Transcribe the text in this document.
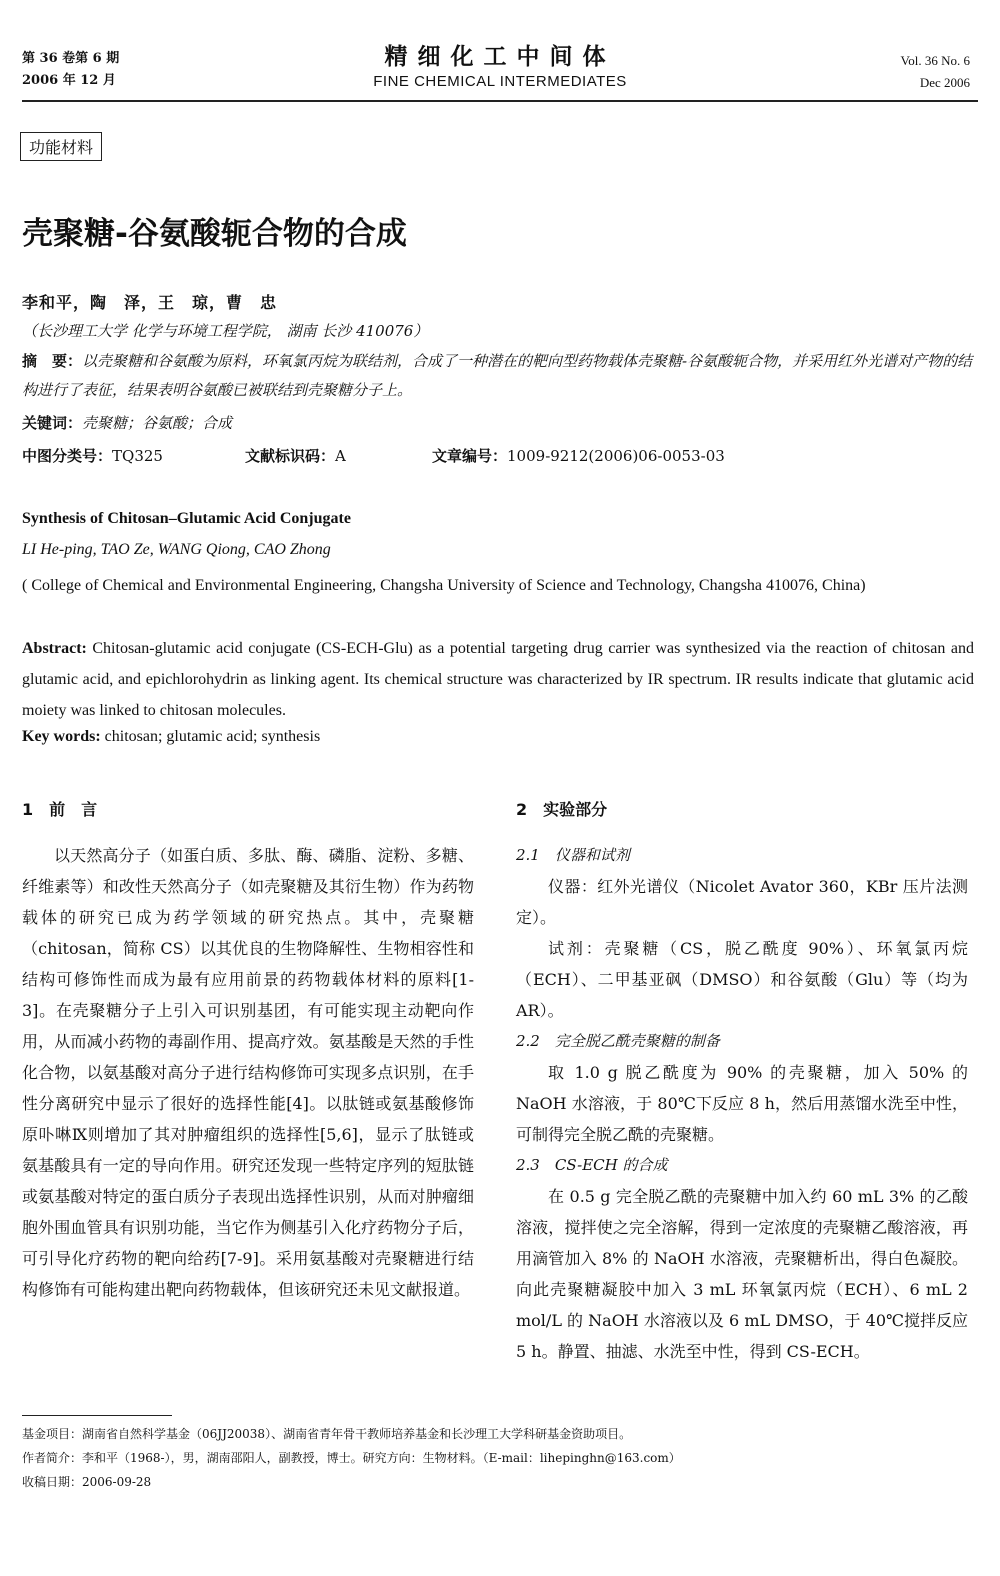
第 36 卷第 6 期
2006 年 12 月
精细化工中间体
FINE CHEMICAL INTERMEDIATES
Vol. 36 No. 6
Dec 2006
功能材料
壳聚糖-谷氨酸轭合物的合成
李和平，陶　泽，王　琼，曹　忠
（长沙理工大学 化学与环境工程学院， 湖南 长沙 410076）
摘　要：以壳聚糖和谷氨酸为原料，环氧氯丙烷为联结剂，合成了一种潜在的靶向型药物载体壳聚糖-谷氨酸轭合物，并采用红外光谱对产物的结构进行了表征，结果表明谷氨酸已被联结到壳聚糖分子上。
关键词：壳聚糖；谷氨酸；合成
中图分类号：TQ325	文献标识码：A	文章编号：1009-9212(2006)06-0053-03
Synthesis of Chitosan–Glutamic Acid Conjugate
LI He-ping, TAO Ze, WANG Qiong, CAO Zhong
( College of Chemical and Environmental Engineering, Changsha University of Science and Technology, Changsha 410076, China)
Abstract: Chitosan-glutamic acid conjugate (CS-ECH-Glu) as a potential targeting drug carrier was synthesized via the reaction of chitosan and glutamic acid, and epichlorohydrin as linking agent. Its chemical structure was characterized by IR spectrum. IR results indicate that glutamic acid moiety was linked to chitosan molecules.
Key words: chitosan; glutamic acid; synthesis
1　前　言

以天然高分子（如蛋白质、多肽、酶、磷脂、淀粉、多糖、纤维素等）和改性天然高分子（如壳聚糖及其衍生物）作为药物载体的研究已成为药学领域的研究热点。其中，壳聚糖（chitosan，简称 CS）以其优良的生物降解性、生物相容性和结构可修饰性而成为最有应用前景的药物载体材料的原料[1-3]。在壳聚糖分子上引入可识别基团，有可能实现主动靶向作用，从而减小药物的毒副作用、提高疗效。氨基酸是天然的手性化合物，以氨基酸对高分子进行结构修饰可实现多点识别，在手性分离研究中显示了很好的选择性能[4]。以肽链或氨基酸修饰原卟啉Ⅸ则增加了其对肿瘤组织的选择性[5,6]，显示了肽链或氨基酸具有一定的导向作用。研究还发现一些特定序列的短肽链或氨基酸对特定的蛋白质分子表现出选择性识别，从而对肿瘤细胞外围血管具有识别功能，当它作为侧基引入化疗药物分子后，可引导化疗药物的靶向给药[7-9]。采用氨基酸对壳聚糖进行结构修饰有可能构建出靶向药物载体，但该研究还未见文献报道。

2　实验部分
2.1　仪器和试剂

仪器：红外光谱仪（Nicolet Avator 360，KBr 压片法测定）。

试剂：壳聚糖（CS，脱乙酰度 90%）、环氧氯丙烷（ECH）、二甲基亚砜（DMSO）和谷氨酸（Glu）等（均为 AR）。

2.2　完全脱乙酰壳聚糖的制备

取 1.0 g 脱乙酰度为 90% 的壳聚糖，加入 50% 的 NaOH 水溶液，于 80℃下反应 8 h，然后用蒸馏水洗至中性，可制得完全脱乙酰的壳聚糖。

2.3　CS-ECH 的合成

在 0.5 g 完全脱乙酰的壳聚糖中加入约 60 mL 3% 的乙酸溶液，搅拌使之完全溶解，得到一定浓度的壳聚糖乙酸溶液，再用滴管加入 8% 的 NaOH 水溶液，壳聚糖析出，得白色凝胶。向此壳聚糖凝胶中加入 3 mL 环氧氯丙烷（ECH）、6 mL 2 mol/L 的 NaOH 水溶液以及 6 mL DMSO，于 40℃搅拌反应 5 h。静置、抽滤、水洗至中性，得到 CS-ECH。

基金项目：湖南省自然科学基金（06JJ20038）、湖南省青年骨干教师培养基金和长沙理工大学科研基金资助项目。
作者简介：李和平（1968-），男，湖南邵阳人，副教授，博士。研究方向：生物材料。（E-mail：lihepinghn@163.com）
收稿日期：2006-09-28
